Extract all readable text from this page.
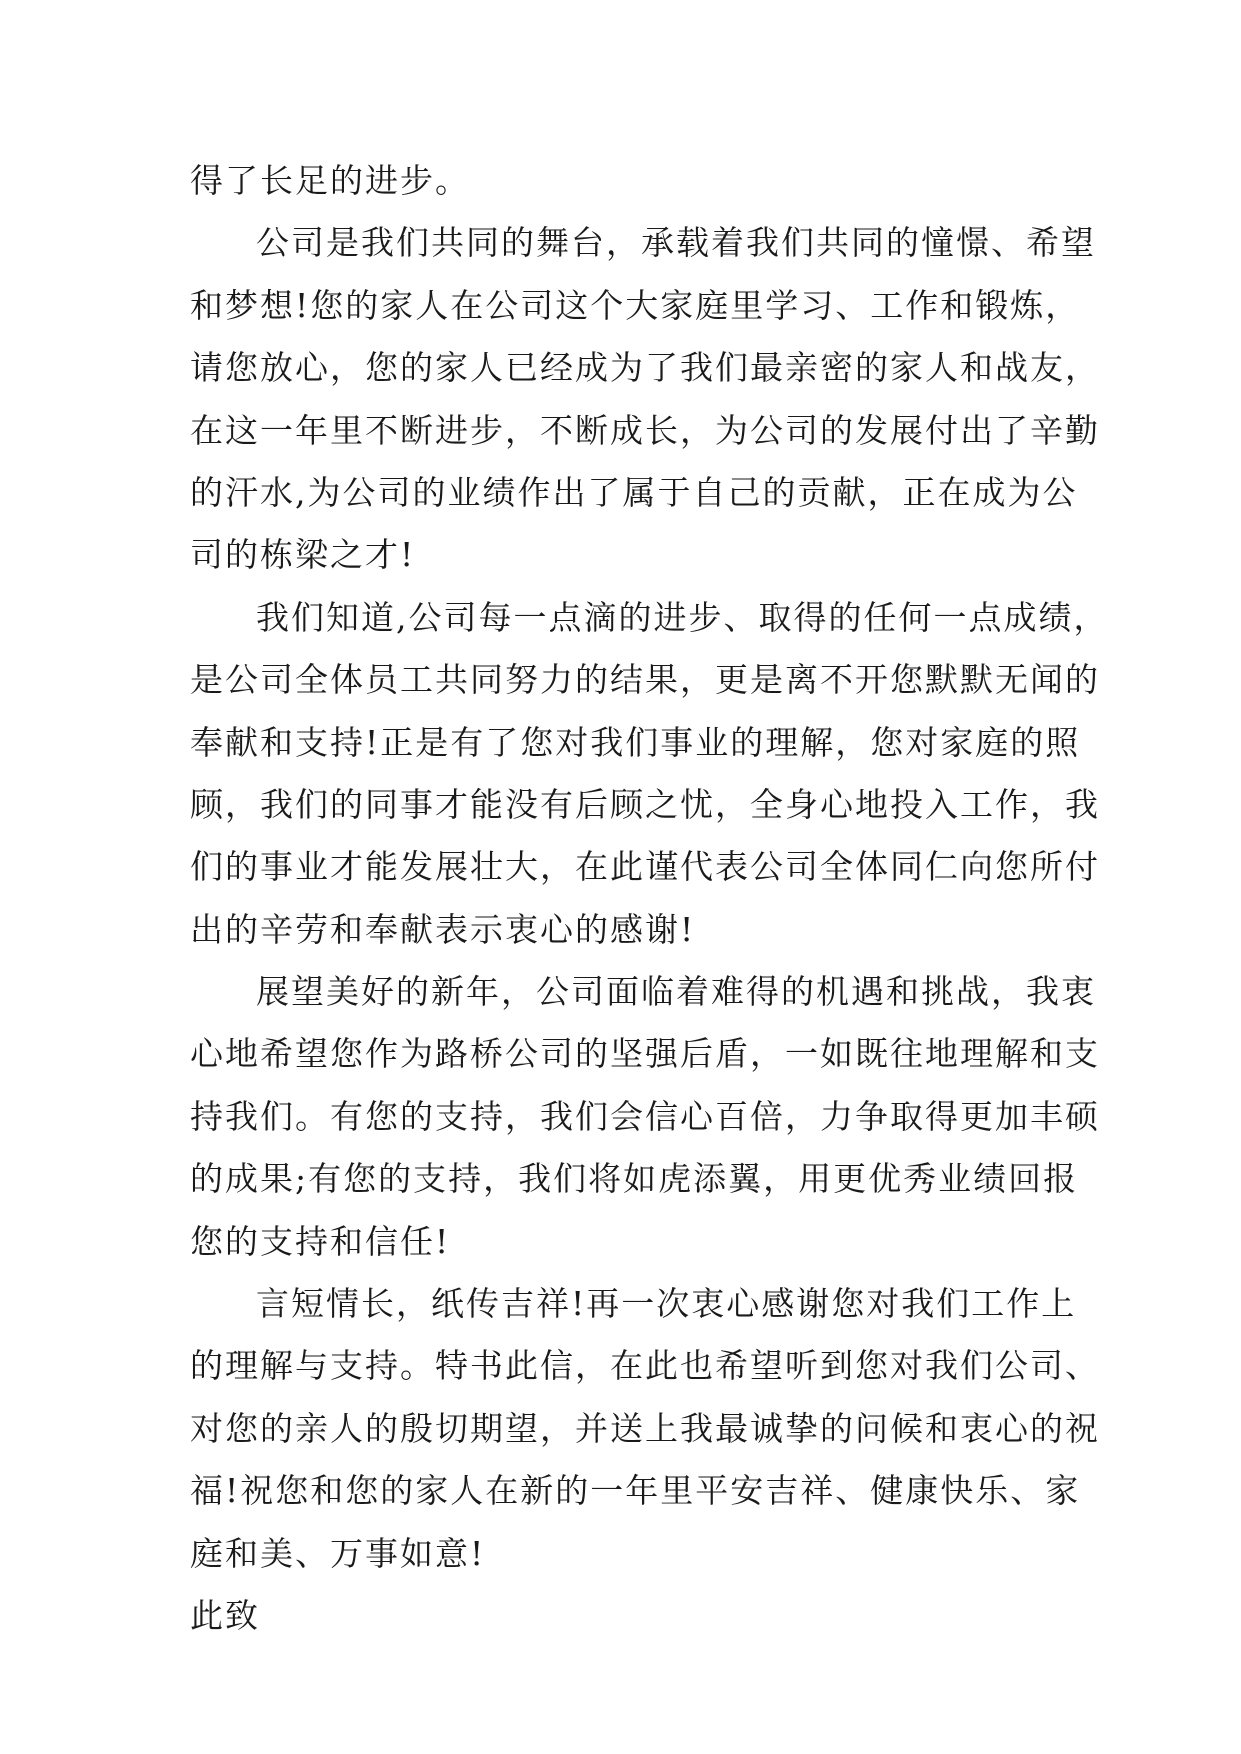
得了长足的进步。
公司是我们共同的舞台，承载着我们共同的憧憬、希望
和梦想!您的家人在公司这个大家庭里学习、工作和锻炼，
请您放心，您的家人已经成为了我们最亲密的家人和战友，
在这一年里不断进步，不断成长，为公司的发展付出了辛勤
的汗水,为公司的业绩作出了属于自己的贡献，正在成为公
司的栋梁之才!
我们知道,公司每一点滴的进步、取得的任何一点成绩，
是公司全体员工共同努力的结果，更是离不开您默默无闻的
奉献和支持!正是有了您对我们事业的理解，您对家庭的照
顾，我们的同事才能没有后顾之忧，全身心地投入工作，我
们的事业才能发展壮大，在此谨代表公司全体同仁向您所付
出的辛劳和奉献表示衷心的感谢!
展望美好的新年，公司面临着难得的机遇和挑战，我衷
心地希望您作为路桥公司的坚强后盾，一如既往地理解和支
持我们。有您的支持，我们会信心百倍，力争取得更加丰硕
的成果;有您的支持，我们将如虎添翼，用更优秀业绩回报
您的支持和信任!
言短情长，纸传吉祥!再一次衷心感谢您对我们工作上
的理解与支持。特书此信，在此也希望听到您对我们公司、
对您的亲人的殷切期望，并送上我最诚挚的问候和衷心的祝
福!祝您和您的家人在新的一年里平安吉祥、健康快乐、家
庭和美、万事如意!
此致
